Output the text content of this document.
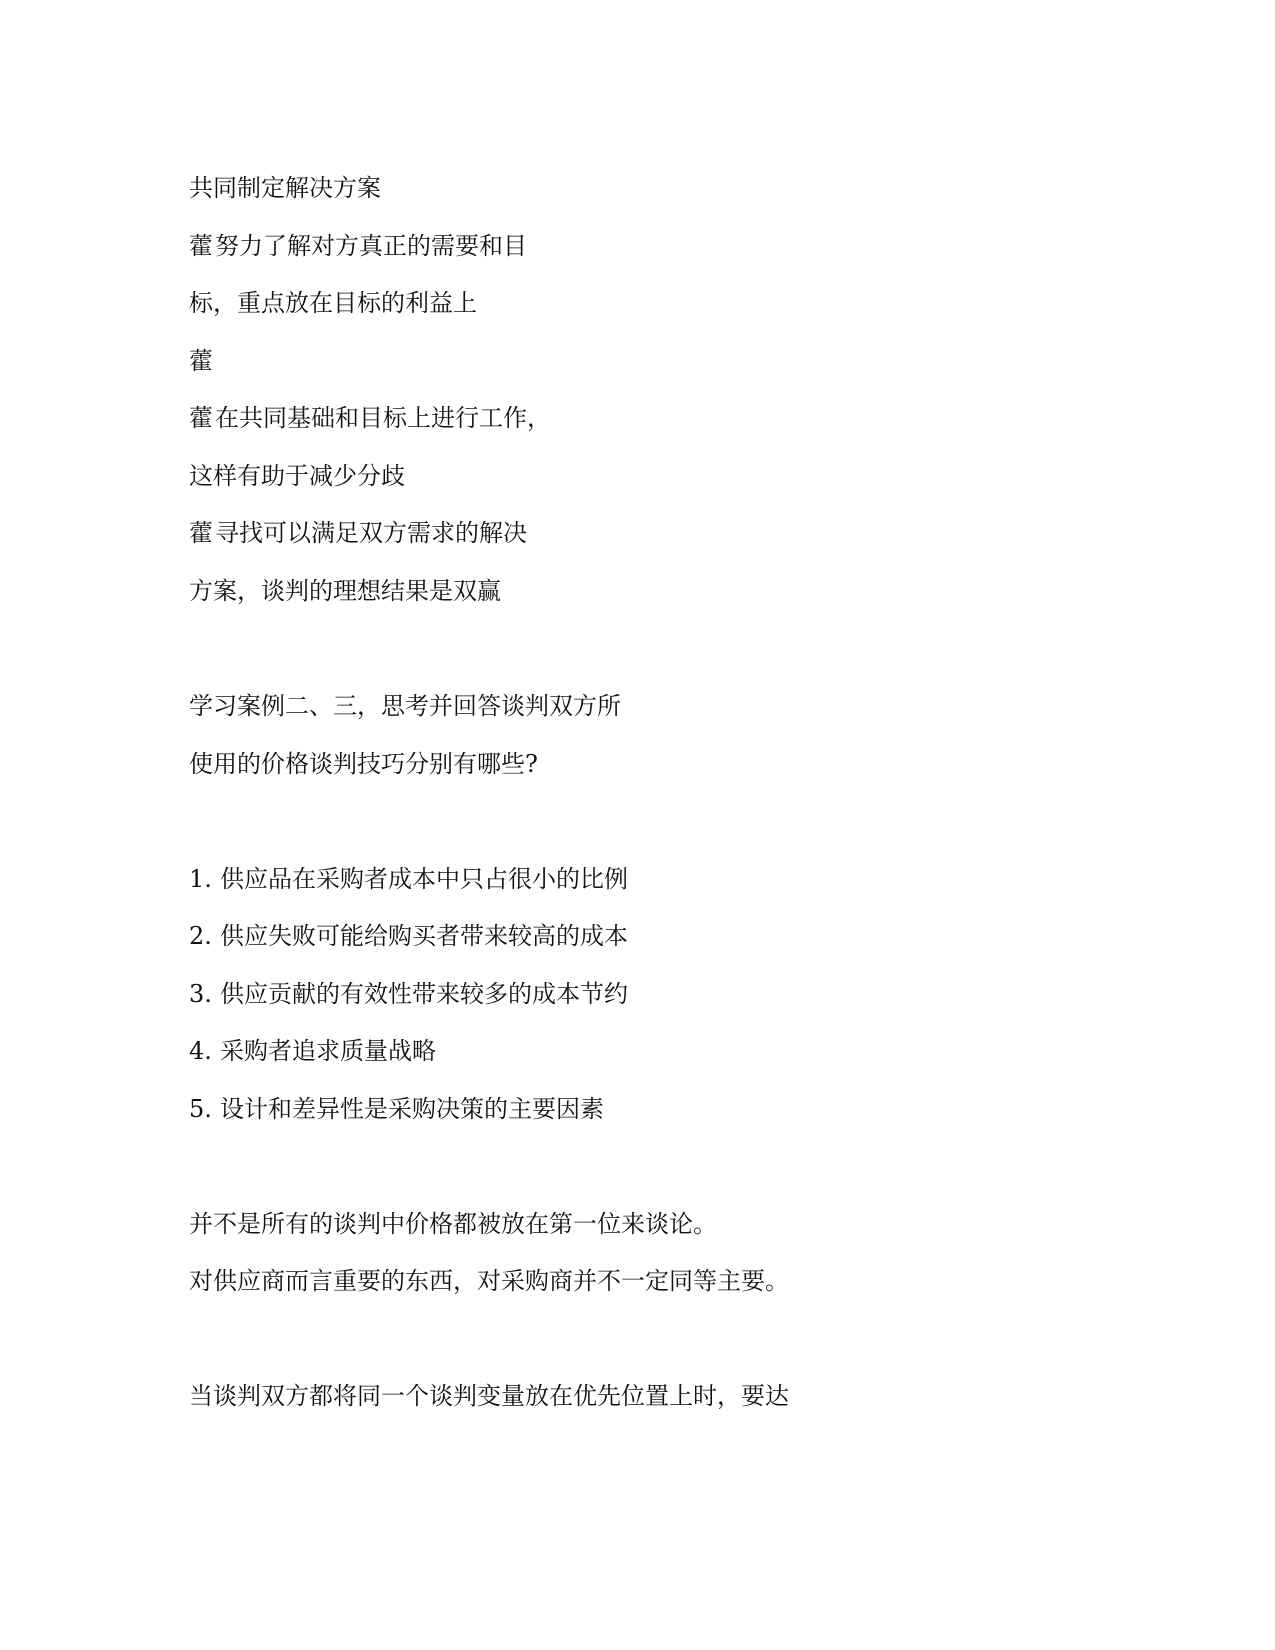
共同制定解决方案

藿努力了解对方真正的需要和目

标，重点放在目标的利益上

藿

藿在共同基础和目标上进行工作，

这样有助于减少分歧

藿寻找可以满足双方需求的解决

方案，谈判的理想结果是双赢

学习案例二、三，思考并回答谈判双方所

使用的价格谈判技巧分别有哪些?

1. 供应品在采购者成本中只占很小的比例

2. 供应失败可能给购买者带来较高的成本

3. 供应贡献的有效性带来较多的成本节约

4. 采购者追求质量战略

5. 设计和差异性是采购决策的主要因素

并不是所有的谈判中价格都被放在第一位来谈论。

对供应商而言重要的东西，对采购商并不一定同等主要。

当谈判双方都将同一个谈判变量放在优先位置上时，要达
